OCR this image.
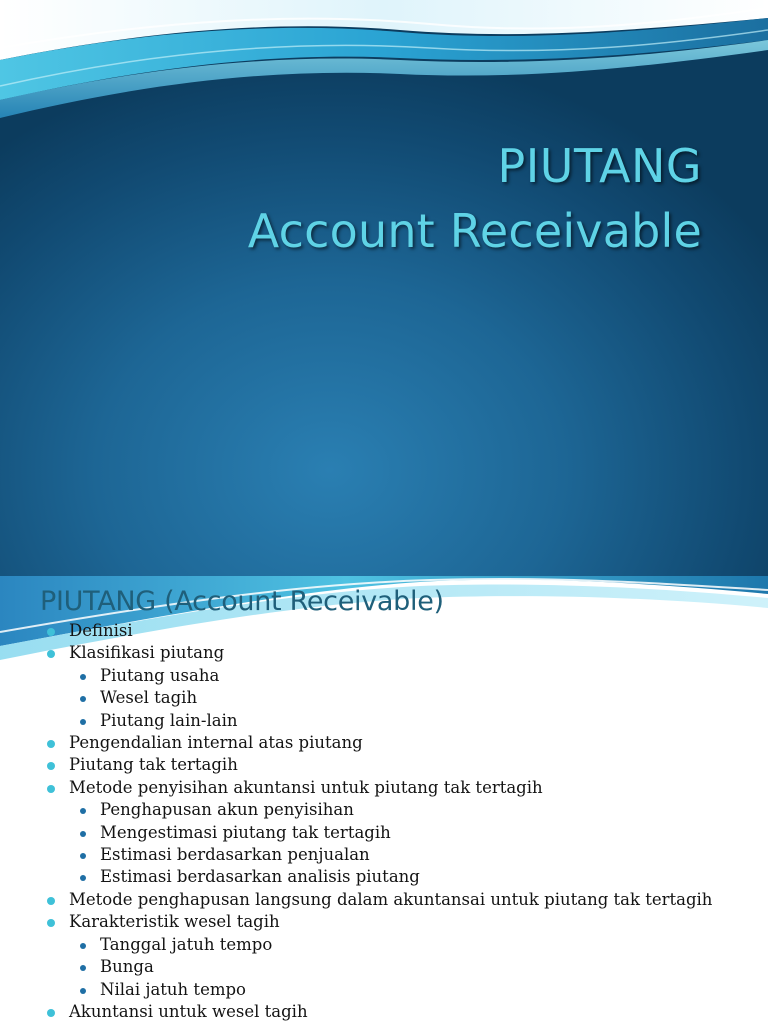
PIUTANG
Account Receivable
PIUTANG (Account Receivable)
Definisi
Klasifikasi piutang
Piutang usaha
Wesel tagih
Piutang lain-lain
Pengendalian internal atas piutang
Piutang tak tertagih
Metode penyisihan akuntansi untuk piutang tak tertagih
Penghapusan akun penyisihan
Mengestimasi piutang tak tertagih
Estimasi berdasarkan penjualan
Estimasi berdasarkan analisis piutang
Metode penghapusan langsung dalam akuntansai untuk piutang tak tertagih
Karakteristik wesel tagih
Tanggal jatuh tempo
Bunga
Nilai jatuh tempo
Akuntansi untuk wesel tagih
